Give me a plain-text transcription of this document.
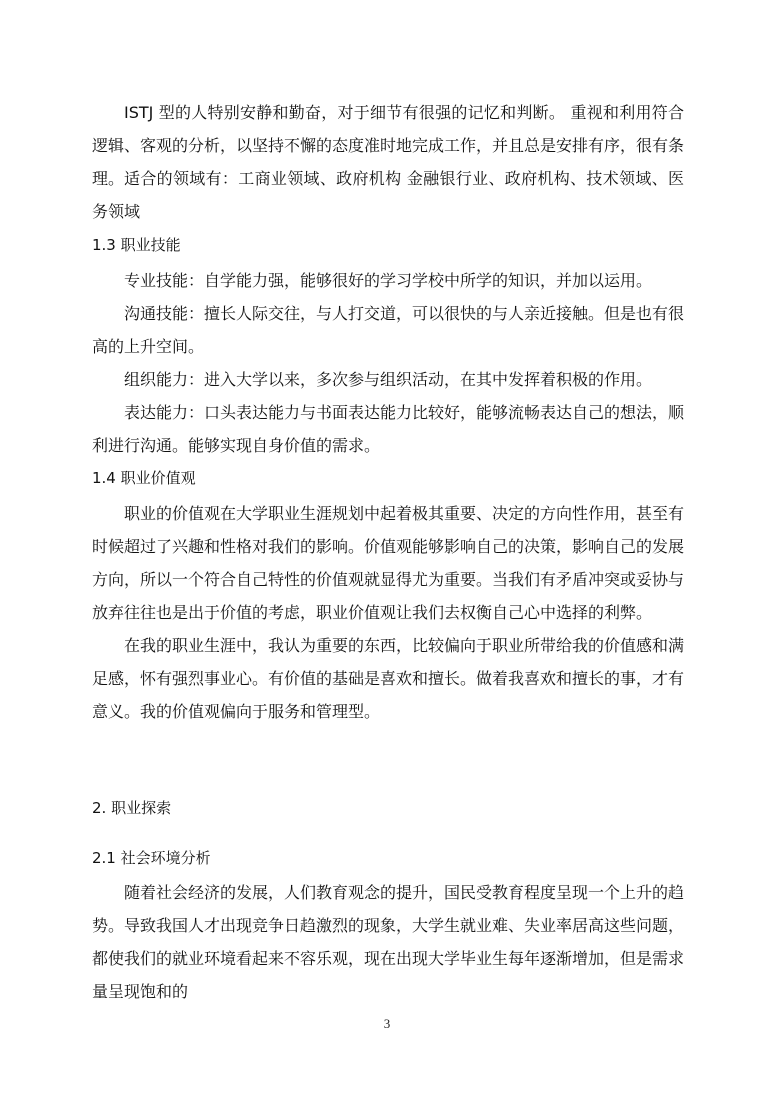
ISTJ 型的人特别安静和勤奋，对于细节有很强的记忆和判断。 重视和利用符合逻辑、客观的分析，以坚持不懈的态度准时地完成工作，并且总是安排有序，很有条理。 适合的领域有：工商业领域、政府机构 金融银行业、政府机构、技术领域、医务领域

1.3 职业技能

专业技能：自学能力强，能够很好的学习学校中所学的知识，并加以运用。

沟通技能：擅长人际交往，与人打交道，可以很快的与人亲近接触。但是也有很高的上升空间。

组织能力：进入大学以来，多次参与组织活动，在其中发挥着积极的作用。

表达能力：口头表达能力与书面表达能力比较好，能够流畅表达自己的想法，顺利进行沟通。能够实现自身价值的需求。

1.4 职业价值观

职业的价值观在大学职业生涯规划中起着极其重要、决定的方向性作用，甚至有时候超过了兴趣和性格对我们的影响。价值观能够影响自己的决策，影响自己的发展方向，所以一个符合自己特性的价值观就显得尤为重要。当我们有矛盾冲突或妥协与放弃往往也是出于价值的考虑，职业价值观让我们去权衡自己心中选择的利弊。

在我的职业生涯中，我认为重要的东西，比较偏向于职业所带给我的价值感和满足感，怀有强烈事业心。有价值的基础是喜欢和擅长。做着我喜欢和擅长的事，才有意义。我的价值观偏向于服务和管理型。

2. 职业探索

2.1 社会环境分析

随着社会经济的发展，人们教育观念的提升，国民受教育程度呈现一个上升的趋势。导致我国人才出现竞争日趋激烈的现象，大学生就业难、失业率居高这些问题，都使我们的就业环境看起来不容乐观，现在出现大学毕业生每年逐渐增加，但是需求量呈现饱和的

3
